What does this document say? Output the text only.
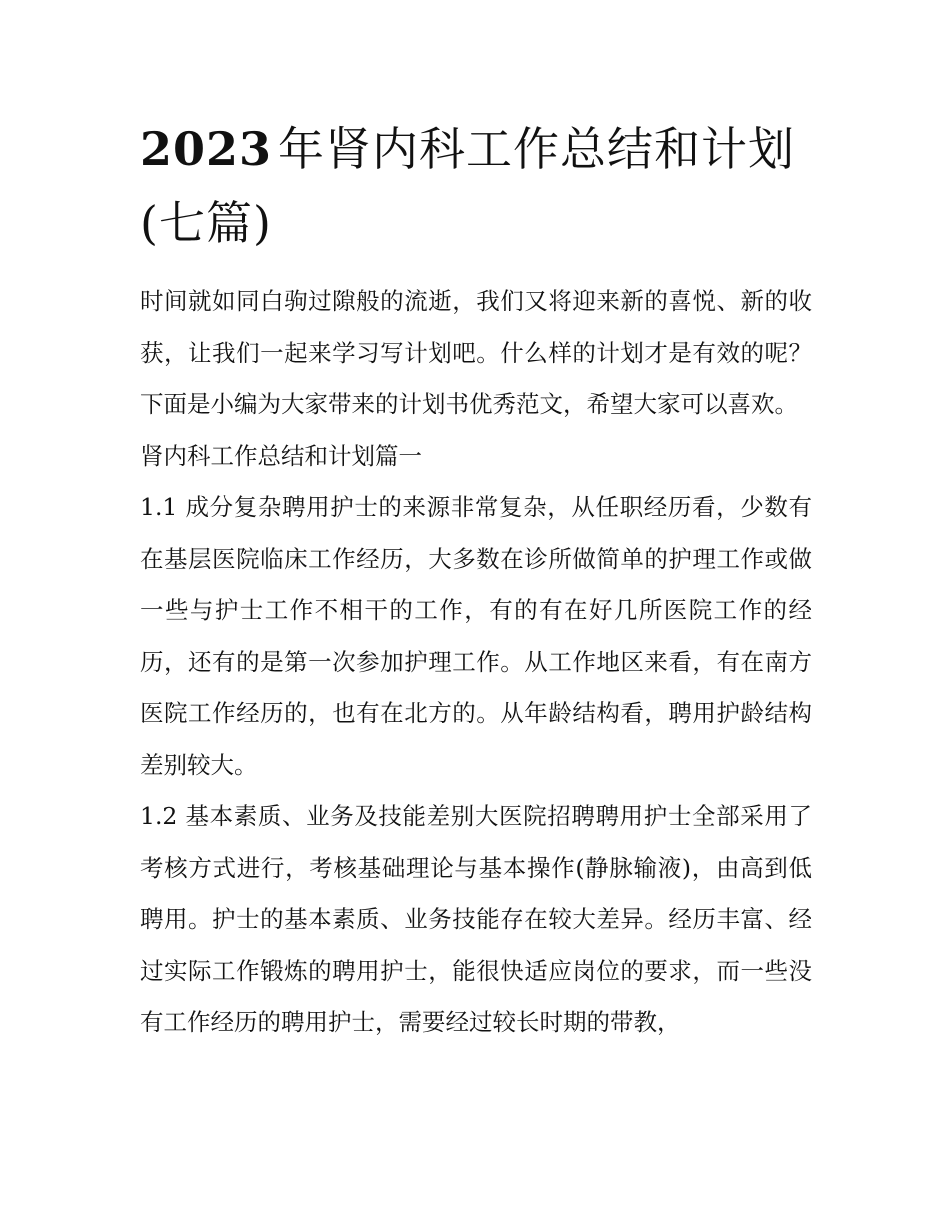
2023 年肾内科工作总结和计划(七篇)

时间就如同白驹过隙般的流逝，我们又将迎来新的喜悦、新的收获，让我们一起来学习写计划吧。什么样的计划才是有效的呢？下面是小编为大家带来的计划书优秀范文，希望大家可以喜欢。

肾内科工作总结和计划篇一

1.1 成分复杂聘用护士的来源非常复杂，从任职经历看，少数有在基层医院临床工作经历，大多数在诊所做简单的护理工作或做一些与护士工作不相干的工作，有的有在好几所医院工作的经历，还有的是第一次参加护理工作。从工作地区来看，有在南方医院工作经历的，也有在北方的。从年龄结构看，聘用护龄结构差别较大。

1.2 基本素质、业务及技能差别大医院招聘聘用护士全部采用了考核方式进行，考核基础理论与基本操作(静脉输液)，由高到低聘用。护士的基本素质、业务技能存在较大差异。经历丰富、经过实际工作锻炼的聘用护士，能很快适应岗位的要求，而一些没有工作经历的聘用护士，需要经过较长时期的带教，
